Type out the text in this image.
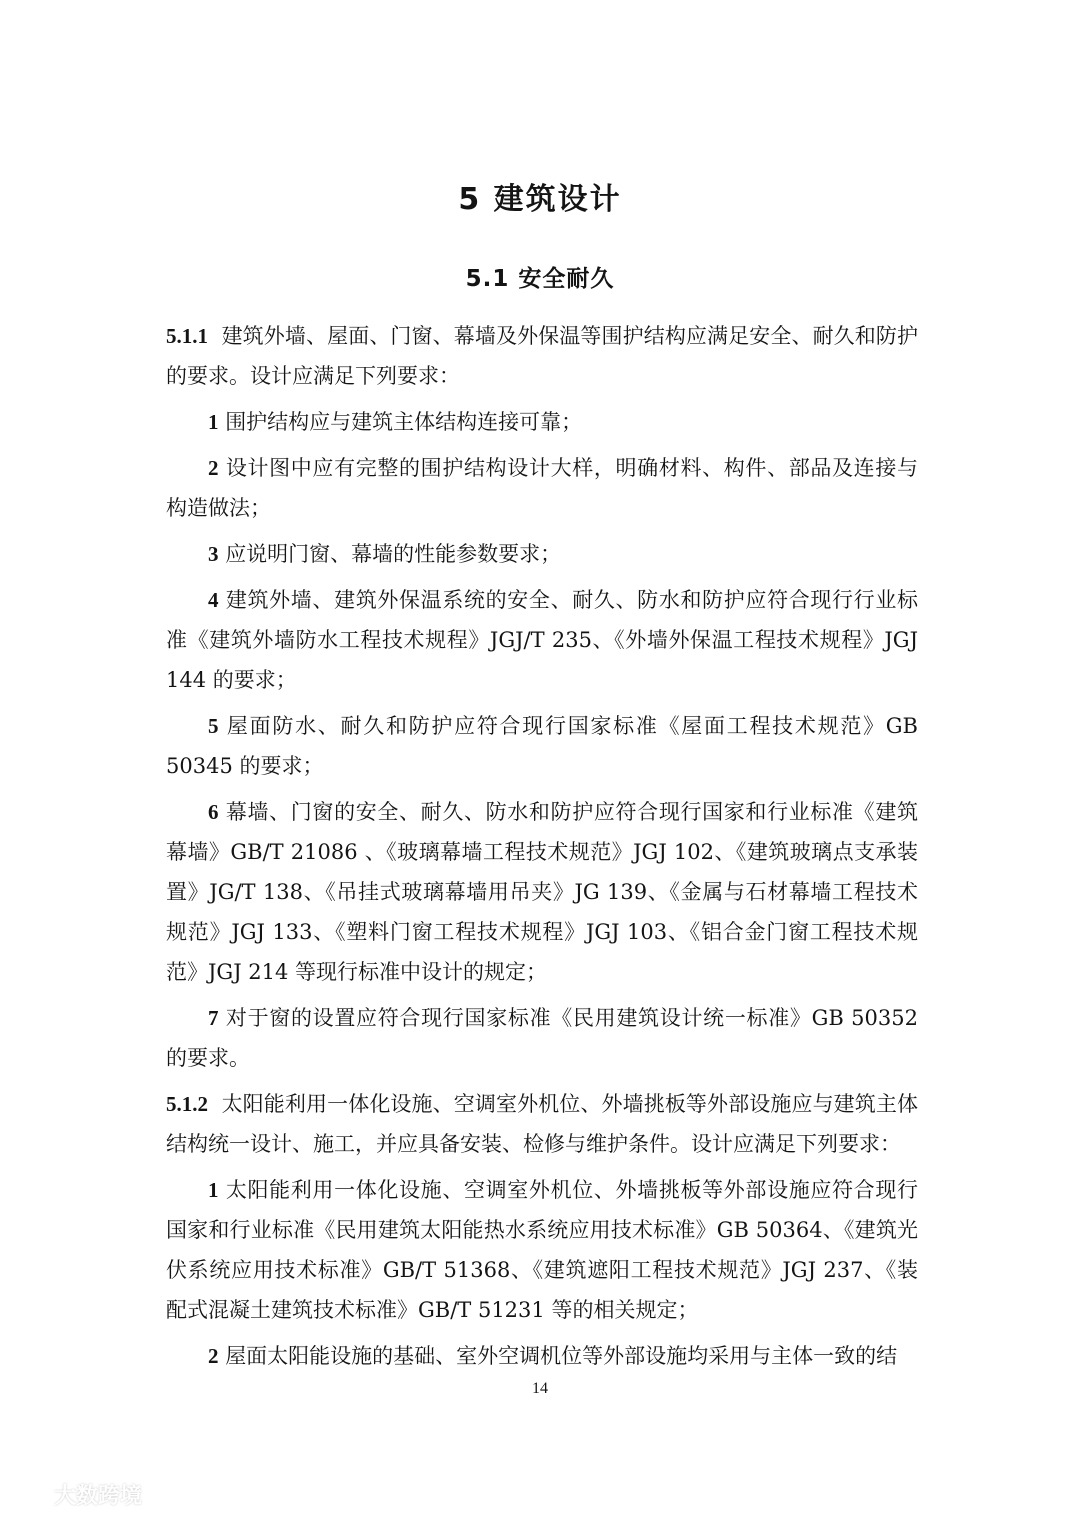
5 建筑设计
5.1 安全耐久

5.1.1 建筑外墙、屋面、门窗、幕墙及外保温等围护结构应满足安全、耐久和防护的要求。设计应满足下列要求：

1 围护结构应与建筑主体结构连接可靠；

2 设计图中应有完整的围护结构设计大样，明确材料、构件、部品及连接与构造做法；

3 应说明门窗、幕墙的性能参数要求；

4 建筑外墙、建筑外保温系统的安全、耐久、防水和防护应符合现行行业标准《建筑外墙防水工程技术规程》JGJ/T 235、《外墙外保温工程技术规程》JGJ 144 的要求；

5 屋面防水、耐久和防护应符合现行国家标准《屋面工程技术规范》GB 50345 的要求；

6 幕墙、门窗的安全、耐久、防水和防护应符合现行国家和行业标准《建筑幕墙》GB/T 21086 、《玻璃幕墙工程技术规范》JGJ 102、《建筑玻璃点支承装置》JG/T 138、《吊挂式玻璃幕墙用吊夹》JG 139、《金属与石材幕墙工程技术规范》JGJ 133、《塑料门窗工程技术规程》JGJ 103、《铝合金门窗工程技术规范》JGJ 214 等现行标准中设计的规定；

7 对于窗的设置应符合现行国家标准《民用建筑设计统一标准》GB 50352 的要求。

5.1.2 太阳能利用一体化设施、空调室外机位、外墙挑板等外部设施应与建筑主体结构统一设计、施工，并应具备安装、检修与维护条件。设计应满足下列要求：

1 太阳能利用一体化设施、空调室外机位、外墙挑板等外部设施应符合现行国家和行业标准《民用建筑太阳能热水系统应用技术标准》GB 50364、《建筑光伏系统应用技术标准》GB/T 51368、《建筑遮阳工程技术规范》JGJ 237、《装配式混凝土建筑技术标准》GB/T 51231 等的相关规定；

2 屋面太阳能设施的基础、室外空调机位等外部设施均采用与主体一致的结

14

大数跨境
